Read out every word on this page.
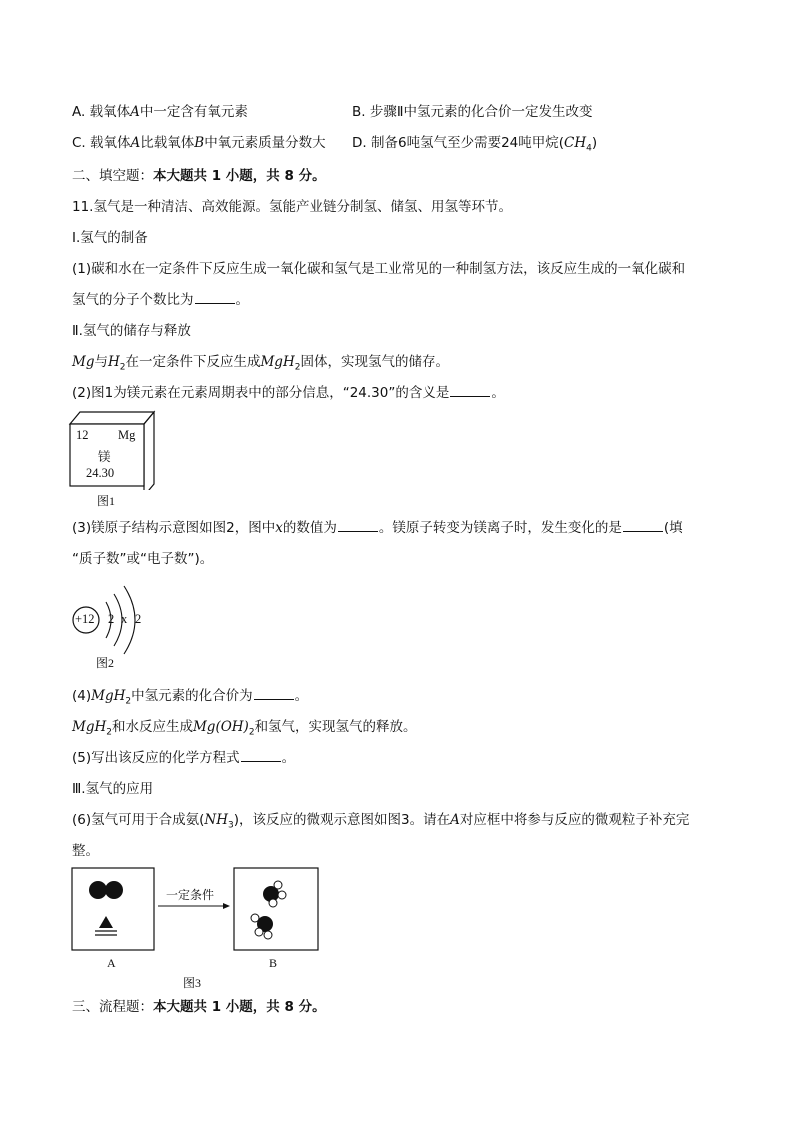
A. 载氧体A中一定含有氧元素	B. 步骤Ⅱ中氢元素的化合价一定发生改变
C. 载氧体A比载氧体B中氧元素质量分数大 D. 制备6吨氢气至少需要24吨甲烷$(CH_4)$
二、填空题：本大题共 1 小题，共 8 分。
11.氢气是一种清洁、高效能源。氢能产业链分制氢、储氢、用氢等环节。
Ⅰ.氢气的制备
(1)碳和水在一定条件下反应生成一氧化碳和氢气是工业常见的一种制氢方法，该反应生成的一氧化碳和
氢气的分子个数比为	。
Ⅱ.氢气的储存与释放
Mg与$H_2$在一定条件下反应生成MgH$_2$固体，实现氢气的储存。
(2)图1为镁元素在元素周期表中的部分信息，“24.30”的含义是	。
12 Mg
镁
24.30
图1
(3)镁原子结构示意图如图2，图中x的数值为	。镁原子转变为镁离子时，发生变化的是	(填
“质子数”或“电子数”)。
+12 2 x 2
图2
(4)MgH$_2$中氢元素的化合价为	。
MgH$_2$和水反应生成$Mg(OH)_2$和氢气，实现氢气的释放。
(5)写出该反应的化学方程式	。
Ⅲ.氢气的应用
(6)氢气可用于合成氨$(NH_3)$，该反应的微观示意图如图3。请在A对应框中将参与反应的微观粒子补充完
整。
一定条件
A	B
图3
三、流程题：本大题共 1 小题，共 8 分。
